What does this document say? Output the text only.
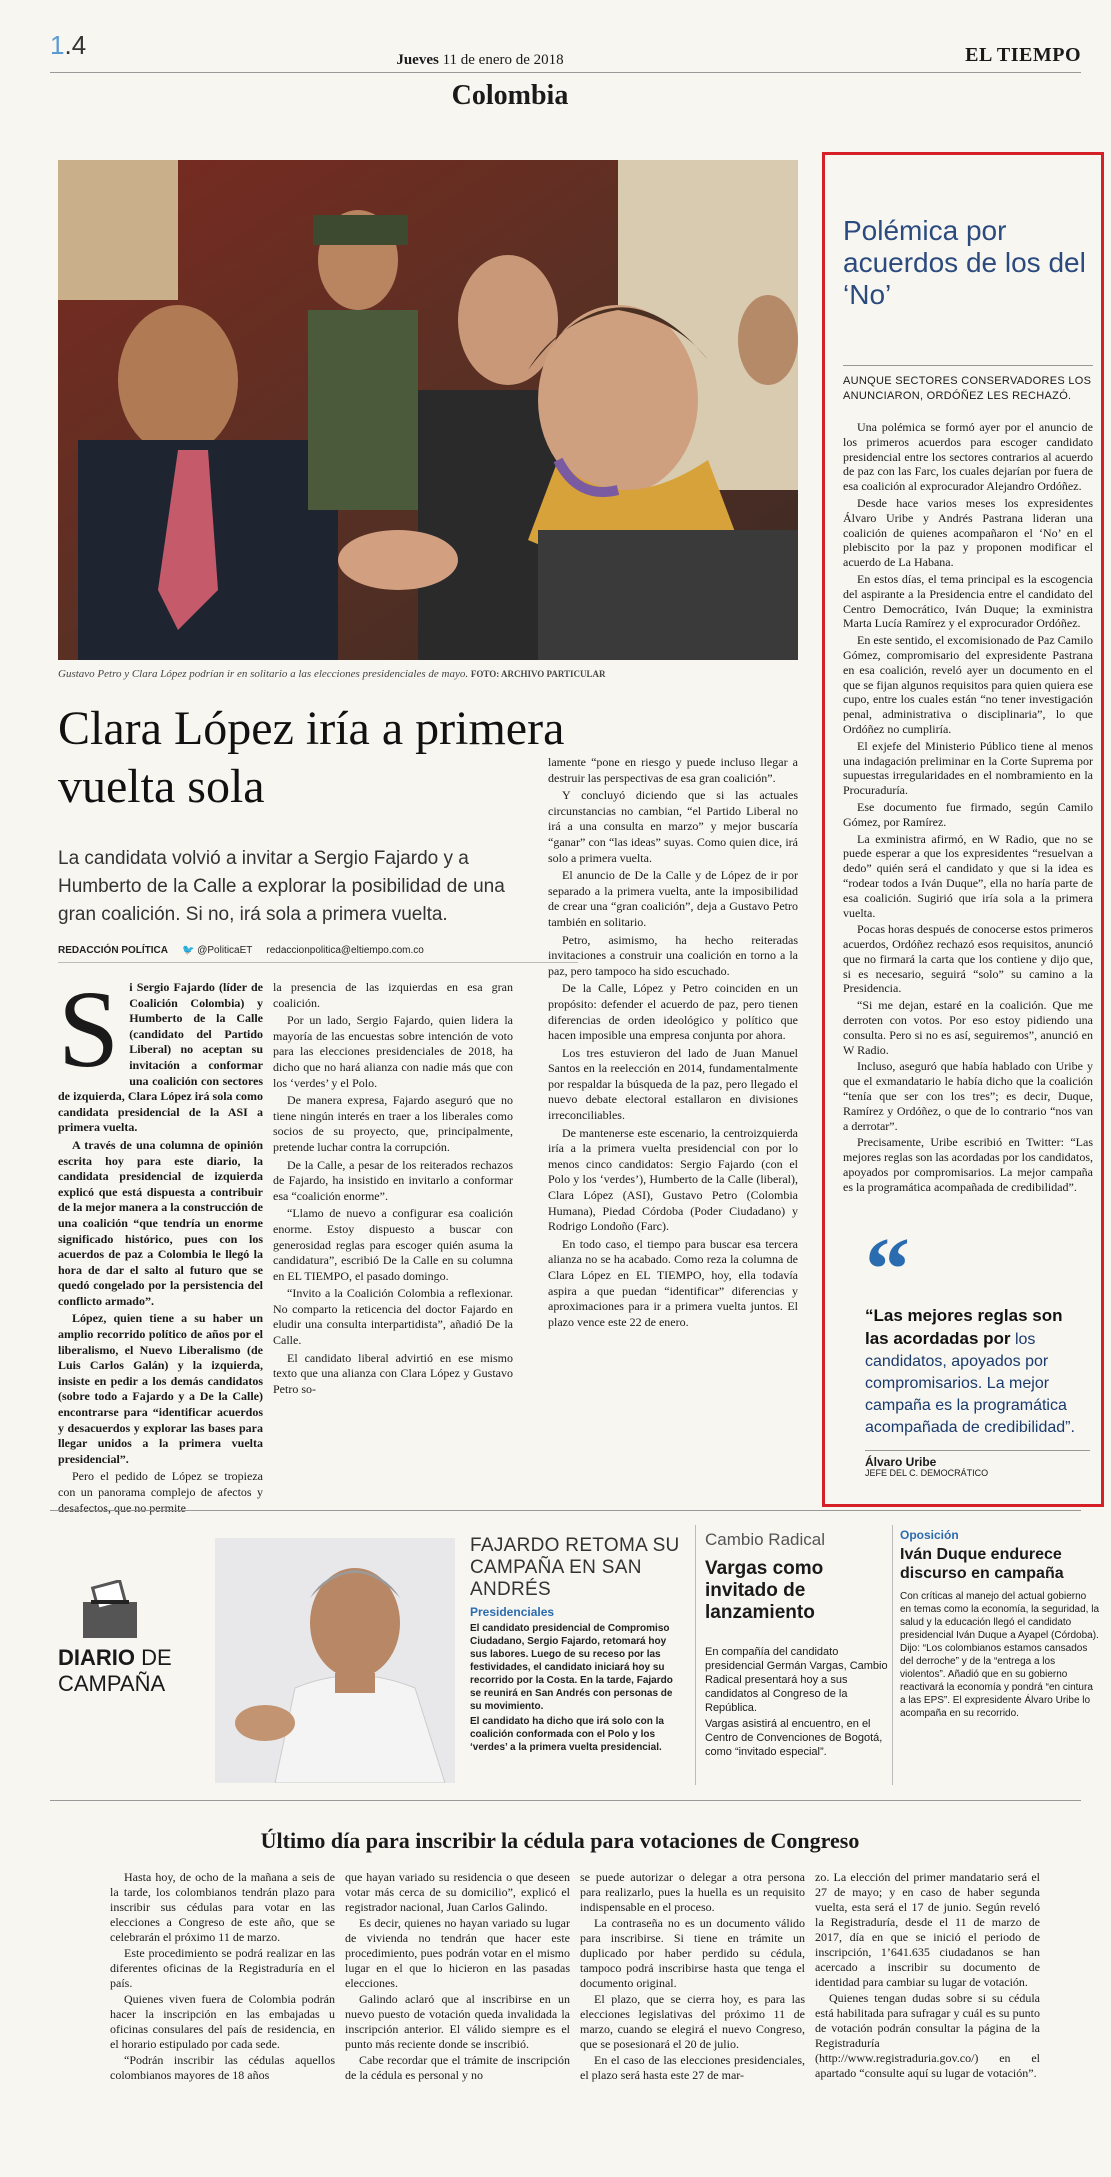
1.4	Jueves 11 de enero de 2018	EL TIEMPO
Colombia
Gustavo Petro y Clara López podrían ir en solitario a las elecciones presidenciales de mayo. FOTO: ARCHIVO PARTICULAR
Clara López iría a primera vuelta sola
La candidata volvió a invitar a Sergio Fajardo y a Humberto de la Calle a explorar la posibilidad de una gran coalición. Si no, irá sola a primera vuelta.
REDACCIÓN POLÍTICA 🐦 @PoliticaET redaccionpolitica@eltiempo.com.co
S i Sergio Fajardo (líder de Coalición Colombia) y Humberto de la Calle (candidato del Partido Liberal) no aceptan su invitación a conformar una coalición con sectores de izquierda, Clara López irá sola como candidata presidencial de la ASI a primera vuelta.

A través de una columna de opinión escrita hoy para este diario, la candidata presidencial de izquierda explicó que está dispuesta a contribuir de la mejor manera a la construcción de una coalición “que tendría un enorme significado histórico, pues con los acuerdos de paz a Colombia le llegó la hora de dar el salto al futuro que se quedó congelado por la persistencia del conflicto armado”.

López, quien tiene a su haber un amplio recorrido político de años por el liberalismo, el Nuevo Liberalismo (de Luis Carlos Galán) y la izquierda, insiste en pedir a los demás candidatos (sobre todo a Fajardo y a De la Calle) encontrarse para “identificar acuerdos y desacuerdos y explorar las bases para llegar unidos a la primera vuelta presidencial”.

Pero el pedido de López se tropieza con un panorama complejo de afectos y desafectos, que no permite

la presencia de las izquierdas en esa gran coalición.

Por un lado, Sergio Fajardo, quien lidera la mayoría de las encuestas sobre intención de voto para las elecciones presidenciales de 2018, ha dicho que no hará alianza con nadie más que con los ‘verdes’ y el Polo.

De manera expresa, Fajardo aseguró que no tiene ningún interés en traer a los liberales como socios de su proyecto, que, principalmente, pretende luchar contra la corrupción.

De la Calle, a pesar de los reiterados rechazos de Fajardo, ha insistido en invitarlo a conformar esa “coalición enorme”.

“Llamo de nuevo a configurar esa coalición enorme. Estoy dispuesto a buscar con generosidad reglas para escoger quién asuma la candidatura”, escribió De la Calle en su columna en EL TIEMPO, el pasado domingo.

“Invito a la Coalición Colombia a reflexionar. No comparto la reticencia del doctor Fajardo en eludir una consulta interpartidista”, añadió De la Calle.

El candidato liberal advirtió en ese mismo texto que una alianza con Clara López y Gustavo Petro so-

lamente “pone en riesgo y puede incluso llegar a destruir las perspectivas de esa gran coalición”.

Y concluyó diciendo que si las actuales circunstancias no cambian, “el Partido Liberal no irá a una consulta en marzo” y mejor buscaría “ganar” con “las ideas” suyas. Como quien dice, irá solo a primera vuelta.

El anuncio de De la Calle y de López de ir por separado a la primera vuelta, ante la imposibilidad de crear una “gran coalición”, deja a Gustavo Petro también en solitario.

Petro, asimismo, ha hecho reiteradas invitaciones a construir una coalición en torno a la paz, pero tampoco ha sido escuchado.

De la Calle, López y Petro coinciden en un propósito: defender el acuerdo de paz, pero tienen diferencias de orden ideológico y político que hacen imposible una empresa conjunta por ahora.

Los tres estuvieron del lado de Juan Manuel Santos en la reelección en 2014, fundamentalmente por respaldar la búsqueda de la paz, pero llegado el nuevo debate electoral estallaron en divisiones irreconciliables.

De mantenerse este escenario, la centroizquierda iría a la primera vuelta presidencial con por lo menos cinco candidatos: Sergio Fajardo (con el Polo y los ‘verdes’), Humberto de la Calle (liberal), Clara López (ASI), Gustavo Petro (Colombia Humana), Piedad Córdoba (Poder Ciudadano) y Rodrigo Londoño (Farc).

En todo caso, el tiempo para buscar esa tercera alianza no se ha acabado. Como reza la columna de Clara López en EL TIEMPO, hoy, ella todavía aspira a que puedan “identificar” diferencias y aproximaciones para ir a primera vuelta juntos. El plazo vence este 22 de enero.

Polémica por acuerdos de los del ‘No’
AUNQUE SECTORES CONSERVADORES LOS ANUNCIARON, ORDÓÑEZ LES RECHAZÓ.

Una polémica se formó ayer por el anuncio de los primeros acuerdos para escoger candidato presidencial entre los sectores contrarios al acuerdo de paz con las Farc, los cuales dejarían por fuera de esa coalición al exprocurador Alejandro Ordóñez.

Desde hace varios meses los expresidentes Álvaro Uribe y Andrés Pastrana lideran una coalición de quienes acompañaron el ‘No’ en el plebiscito por la paz y proponen modificar el acuerdo de La Habana.

En estos días, el tema principal es la escogencia del aspirante a la Presidencia entre el candidato del Centro Democrático, Iván Duque; la exministra Marta Lucía Ramírez y el exprocurador Ordóñez.

En este sentido, el excomisionado de Paz Camilo Gómez, compromisario del expresidente Pastrana en esa coalición, reveló ayer un documento en el que se fijan algunos requisitos para quien quiera ese cupo, entre los cuales están “no tener investigación penal, administrativa o disciplinaria”, lo que Ordóñez no cumpliría.

El exjefe del Ministerio Público tiene al menos una indagación preliminar en la Corte Suprema por supuestas irregularidades en el nombramiento en la Procuraduría.

Ese documento fue firmado, según Camilo Gómez, por Ramírez.

La exministra afirmó, en W Radio, que no se puede esperar a que los expresidentes “resuelvan a dedo” quién será el candidato y que si la idea es “rodear todos a Iván Duque”, ella no haría parte de esa coalición. Sugirió que iría sola a la primera vuelta.

Pocas horas después de conocerse estos primeros acuerdos, Ordóñez rechazó esos requisitos, anunció que no firmará la carta que los contiene y dijo que, si es necesario, seguirá “solo” su camino a la Presidencia.

“Si me dejan, estaré en la coalición. Que me derroten con votos. Por eso estoy pidiendo una consulta. Pero si no es así, seguiremos”, anunció en W Radio.

Incluso, aseguró que había hablado con Uribe y que el exmandatario le había dicho que la coalición “tenía que ser con los tres”; es decir, Duque, Ramírez y Ordóñez, o que de lo contrario “nos van a derrotar”.

Precisamente, Uribe escribió en Twitter: “Las mejores reglas son las acordadas por los candidatos, apoyados por compromisarios. La mejor campaña es la programática acompañada de credibilidad”.

“
“Las mejores reglas son las acordadas por los candidatos, apoyados por compromisarios. La mejor campaña es la programática acompañada de credibilidad”.
Álvaro Uribe
JEFE DEL C. DEMOCRÁTICO
DIARIO DE CAMPAÑA
FAJARDO RETOMA SU CAMPAÑA EN SAN ANDRÉS
Presidenciales

El candidato presidencial de Compromiso Ciudadano, Sergio Fajardo, retomará hoy sus labores. Luego de su receso por las festividades, el candidato iniciará hoy su recorrido por la Costa. En la tarde, Fajardo se reunirá en San Andrés con personas de su movimiento.

El candidato ha dicho que irá solo con la coalición conformada con el Polo y los ‘verdes’ a la primera vuelta presidencial.

Cambio Radical
Vargas como invitado de lanzamiento

En compañía del candidato presidencial Germán Vargas, Cambio Radical presentará hoy a sus candidatos al Congreso de la República.

Vargas asistirá al encuentro, en el Centro de Convenciones de Bogotá, como “invitado especial”.

Oposición
Iván Duque endurece discurso en campaña
Con críticas al manejo del actual gobierno en temas como la economía, la seguridad, la salud y la educación llegó el candidato presidencial Iván Duque a Ayapel (Córdoba). Dijo: “Los colombianos estamos cansados del derroche” y de la “entrega a los violentos”. Añadió que en su gobierno reactivará la economía y pondrá “en cintura a las EPS”. El expresidente Álvaro Uribe lo acompaña en su recorrido.
Último día para inscribir la cédula para votaciones de Congreso

Hasta hoy, de ocho de la mañana a seis de la tarde, los colombianos tendrán plazo para inscribir sus cédulas para votar en las elecciones a Congreso de este año, que se celebrarán el próximo 11 de marzo.

Este procedimiento se podrá realizar en las diferentes oficinas de la Registraduría en el país.

Quienes viven fuera de Colombia podrán hacer la inscripción en las embajadas u oficinas consulares del país de residencia, en el horario estipulado por cada sede.

“Podrán inscribir las cédulas aquellos colombianos mayores de 18 años

que hayan variado su residencia o que deseen votar más cerca de su domicilio”, explicó el registrador nacional, Juan Carlos Galindo.

Es decir, quienes no hayan variado su lugar de vivienda no tendrán que hacer este procedimiento, pues podrán votar en el mismo lugar en el que lo hicieron en las pasadas elecciones.

Galindo aclaró que al inscribirse en un nuevo puesto de votación queda invalidada la inscripción anterior. El válido siempre es el punto más reciente donde se inscribió.

Cabe recordar que el trámite de inscripción de la cédula es personal y no

se puede autorizar o delegar a otra persona para realizarlo, pues la huella es un requisito indispensable en el proceso.

La contraseña no es un documento válido para inscribirse. Si tiene en trámite un duplicado por haber perdido su cédula, tampoco podrá inscribirse hasta que tenga el documento original.

El plazo, que se cierra hoy, es para las elecciones legislativas del próximo 11 de marzo, cuando se elegirá el nuevo Congreso, que se posesionará el 20 de julio.

En el caso de las elecciones presidenciales, el plazo será hasta este 27 de mar-

zo. La elección del primer mandatario será el 27 de mayo; y en caso de haber segunda vuelta, esta será el 17 de junio. Según reveló la Registraduría, desde el 11 de marzo de 2017, día en que se inició el periodo de inscripción, 1’641.635 ciudadanos se han acercado a inscribir su documento de identidad para cambiar su lugar de votación.

Quienes tengan dudas sobre si su cédula está habilitada para sufragar y cuál es su punto de votación podrán consultar la página de la Registraduría (http://www.registraduria.gov.co/) en el apartado “consulte aquí su lugar de votación”.
